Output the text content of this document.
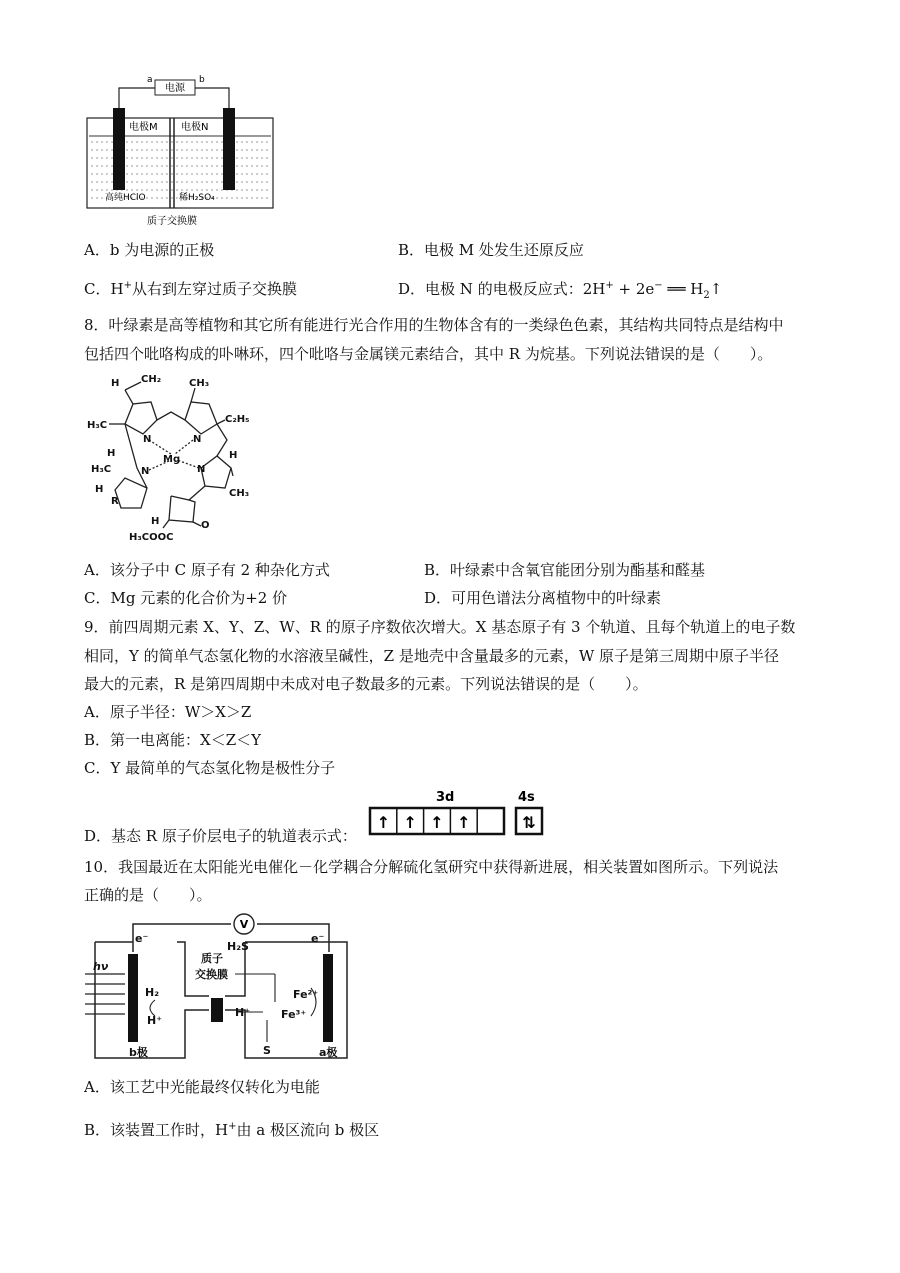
电源
a	b
电极M 电极N
高纯HClO	稀H₂SO₄
质子交换膜
A．b 为电源的正极	B．电极 M 处发生还原反应
C．H+从右到左穿过质子交换膜	D．电极 N 的电极反应式：2H+ + 2e− ══ $H_2↑$
8．叶绿素是高等植物和其它所有能进行光合作用的生物体含有的一类绿色色素，其结构共同特点是结构中
包括四个吡咯构成的卟啉环，四个吡咯与金属镁元素结合，其中 R 为烷基。下列说法错误的是（　　）。
H CH₂	CH₃
H₃C
C₂H₅
N	N
N	N
Mg
H	H
H₃C
H
R
CH₃
H	O
H₃COOC
A．该分子中 C 原子有 2 种杂化方式	B．叶绿素中含氧官能团分别为酯基和醛基
C．Mg 元素的化合价为+2 价	D．可用色谱法分离植物中的叶绿素
9．前四周期元素 X、Y、Z、W、R 的原子序数依次增大。X 基态原子有 3 个轨道、且每个轨道上的电子数
相同，Y 的简单气态氢化物的水溶液呈碱性，Z 是地壳中含量最多的元素，W 原子是第三周期中原子半径
最大的元素，R 是第四周期中未成对电子数最多的元素。下列说法错误的是（　　）。
A．原子半径：W＞X＞Z
B．第一电离能：X＜Z＜Y
C．Y 最简单的气态氢化物是极性分子
D．基态 R 原子价层电子的轨道表示式：
3d	4s
↑ ↑ ↑ ↑	⇅
10．我国最近在太阳能光电催化－化学耦合分解硫化氢研究中获得新进展，相关装置如图所示。下列说法
正确的是（　　）。
V
e⁻	e⁻
hν
H₂S
质子
交换膜
H₂
H⁺
H⁺
Fe²⁺
Fe³⁺
S
b极	a极
A．该工艺中光能最终仅转化为电能
B．该装置工作时，H+由 a 极区流向 b 极区
